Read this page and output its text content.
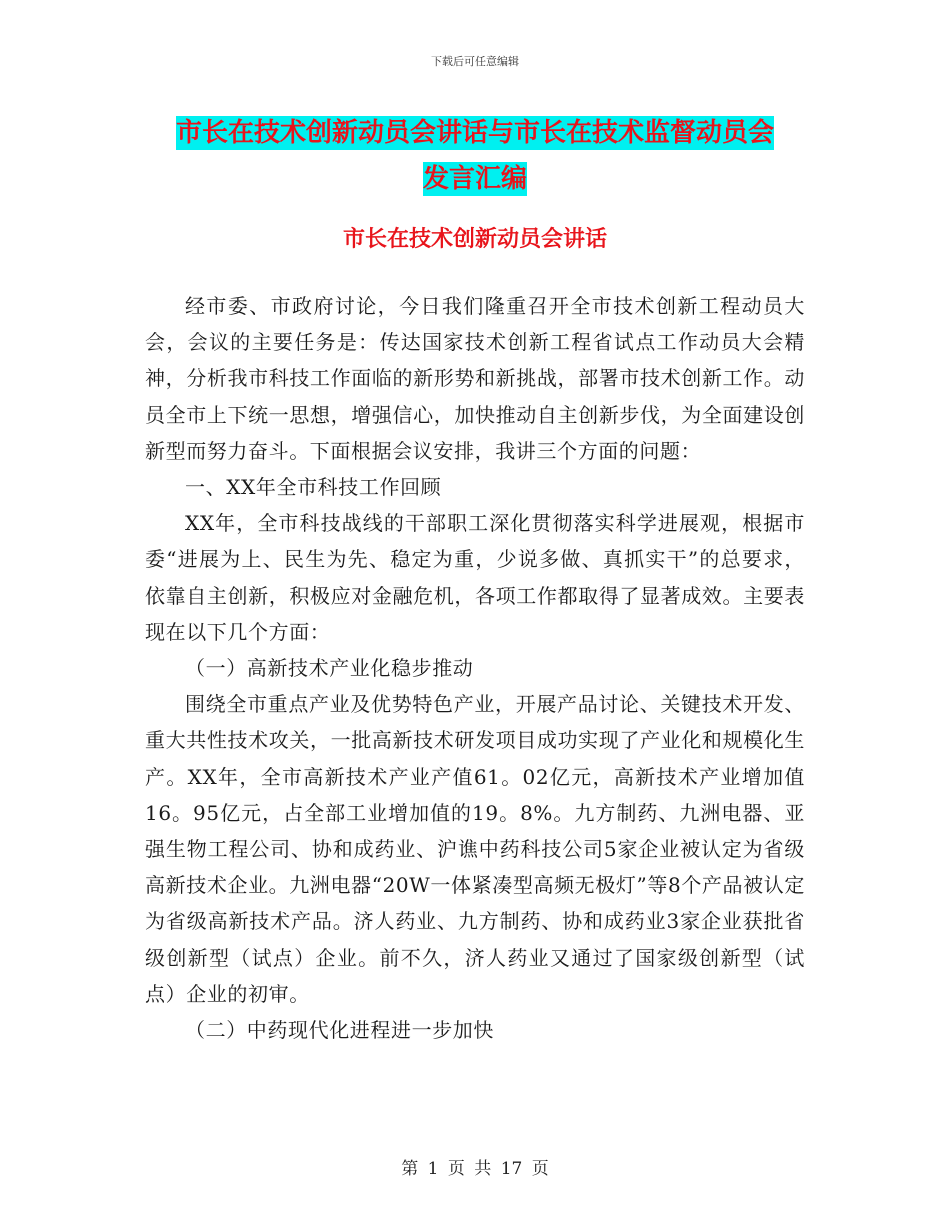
下载后可任意编辑
市长在技术创新动员会讲话与市长在技术监督动员会
发言汇编
市长在技术创新动员会讲话

经市委、市政府讨论，今日我们隆重召开全市技术创新工程动员大会，会议的主要任务是：传达国家技术创新工程省试点工作动员大会精神，分析我市科技工作面临的新形势和新挑战，部署市技术创新工作。动员全市上下统一思想，增强信心，加快推动自主创新步伐，为全面建设创新型而努力奋斗。下面根据会议安排，我讲三个方面的问题：

一、XX年全市科技工作回顾

XX年，全市科技战线的干部职工深化贯彻落实科学进展观，根据市委“进展为上、民生为先、稳定为重，少说多做、真抓实干”的总要求，依靠自主创新，积极应对金融危机，各项工作都取得了显著成效。主要表现在以下几个方面：

（一）高新技术产业化稳步推动

围绕全市重点产业及优势特色产业，开展产品讨论、关键技术开发、重大共性技术攻关，一批高新技术研发项目成功实现了产业化和规模化生产。XX年，全市高新技术产业产值61。02亿元，高新技术产业增加值16。95亿元，占全部工业增加值的19。8%。九方制药、九洲电器、亚强生物工程公司、协和成药业、沪谯中药科技公司5家企业被认定为省级高新技术企业。九洲电器“20W一体紧凑型高频无极灯”等8个产品被认定为省级高新技术产品。济人药业、九方制药、协和成药业3家企业获批省级创新型（试点）企业。前不久，济人药业又通过了国家级创新型（试点）企业的初审。

（二）中药现代化进程进一步加快

第 1 页 共 17 页
